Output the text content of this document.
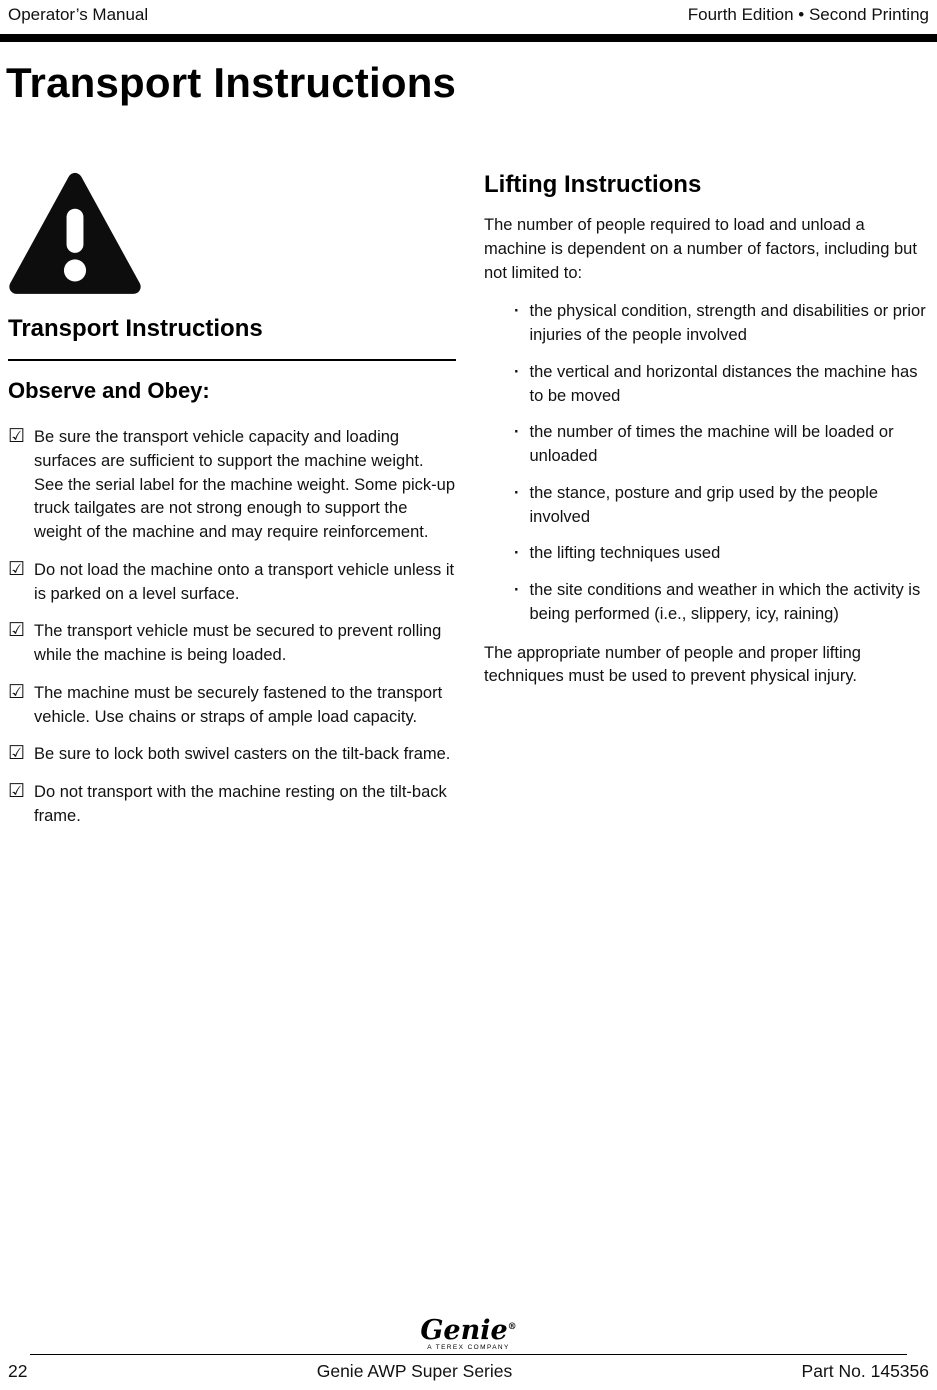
Operator’s Manual	Fourth Edition • Second Printing
Transport Instructions
Transport Instructions
Observe and Obey:
☑ Be sure the transport vehicle capacity and loading surfaces are sufficient to support the machine weight. See the serial label for the machine weight. Some pick-up truck tailgates are not strong enough to support the weight of the machine and may require reinforcement.
☑ Do not load the machine onto a transport vehicle unless it is parked on a level surface.
☑ The transport vehicle must be secured to prevent rolling while the machine is being loaded.
☑ The machine must be securely fastened to the transport vehicle. Use chains or straps of ample load capacity.
☑ Be sure to lock both swivel casters on the tilt-back frame.
☑ Do not transport with the machine resting on the tilt-back frame.
Lifting Instructions

The number of people required to load and unload a machine is dependent on a number of factors, including but not limited to:

· the physical condition, strength and disabilities or prior injuries of the people involved
· the vertical and horizontal distances the machine has to be moved
· the number of times the machine will be loaded or unloaded
· the stance, posture and grip used by the people involved
· the lifting techniques used
· the site conditions and weather in which the activity is being performed (i.e., slippery, icy, raining)

The appropriate number of people and proper lifting techniques must be used to prevent physical injury.

Genie®
A TEREX COMPANY
22	Genie AWP Super Series	Part No. 145356
